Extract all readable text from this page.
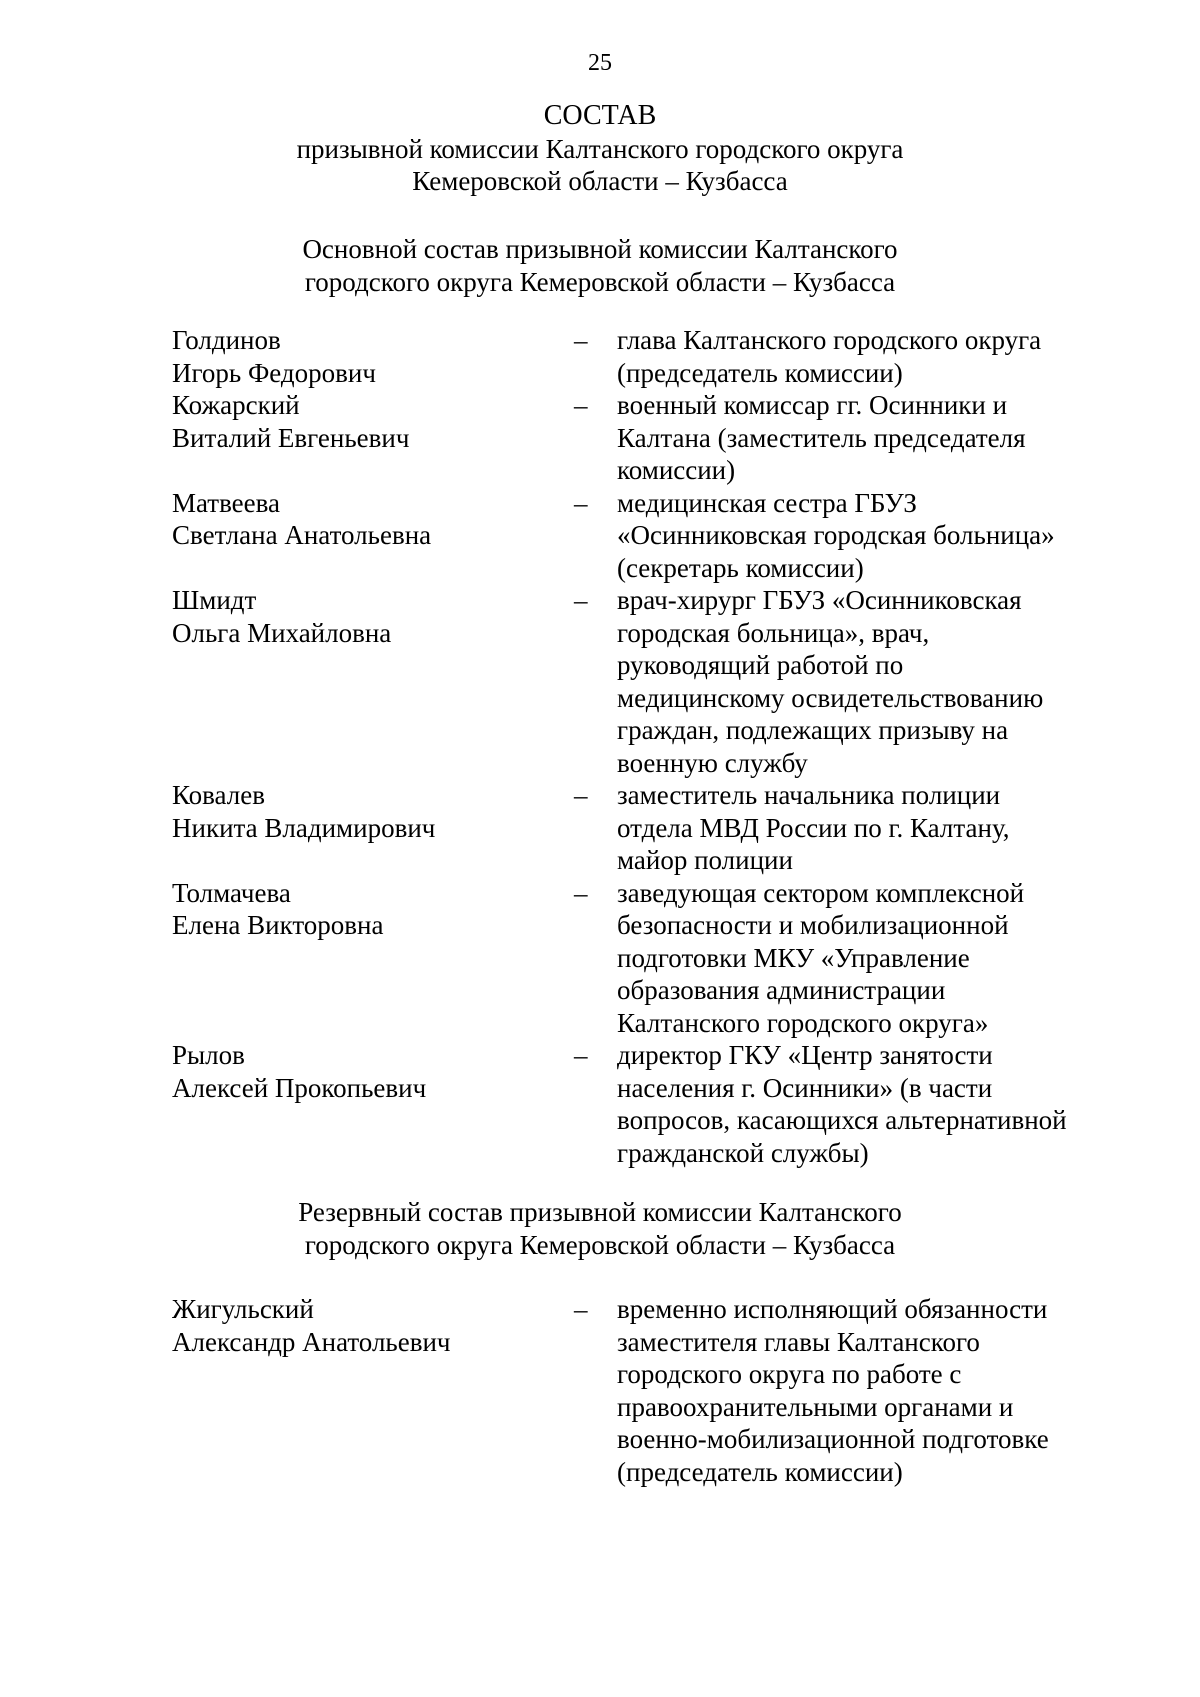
25
СОСТАВ
призывной комиссии Калтанского городского округа
Кемеровской области – Кузбасса
Основной состав призывной комиссии Калтанского
городского округа Кемеровской области – Кузбасса
Голдинов
Игорь Федорович
– глава Калтанского городского округа
(председатель комиссии)
Кожарский
Виталий Евгеньевич
– военный комиссар гг. Осинники и
Калтана (заместитель председателя
комиссии)
Матвеева
Светлана Анатольевна
– медицинская сестра ГБУЗ
«Осинниковская городская больница»
(секретарь комиссии)
Шмидт
Ольга Михайловна
– врач-хирург ГБУЗ «Осинниковская
городская больница», врач,
руководящий работой по
медицинскому освидетельствованию
граждан, подлежащих призыву на
военную службу
Ковалев
Никита Владимирович
– заместитель начальника полиции
отдела МВД России по г. Калтану,
майор полиции
Толмачева
Елена Викторовна
– заведующая сектором комплексной
безопасности и мобилизационной
подготовки МКУ «Управление
образования администрации
Калтанского городского округа»
Рылов
Алексей Прокопьевич
– директор ГКУ «Центр занятости
населения г. Осинники» (в части
вопросов, касающихся альтернативной
гражданской службы)
Резервный состав призывной комиссии Калтанского
городского округа Кемеровской области – Кузбасса
Жигульский
Александр Анатольевич
– временно исполняющий обязанности
заместителя главы Калтанского
городского округа по работе с
правоохранительными органами и
военно-мобилизационной подготовке
(председатель комиссии)
